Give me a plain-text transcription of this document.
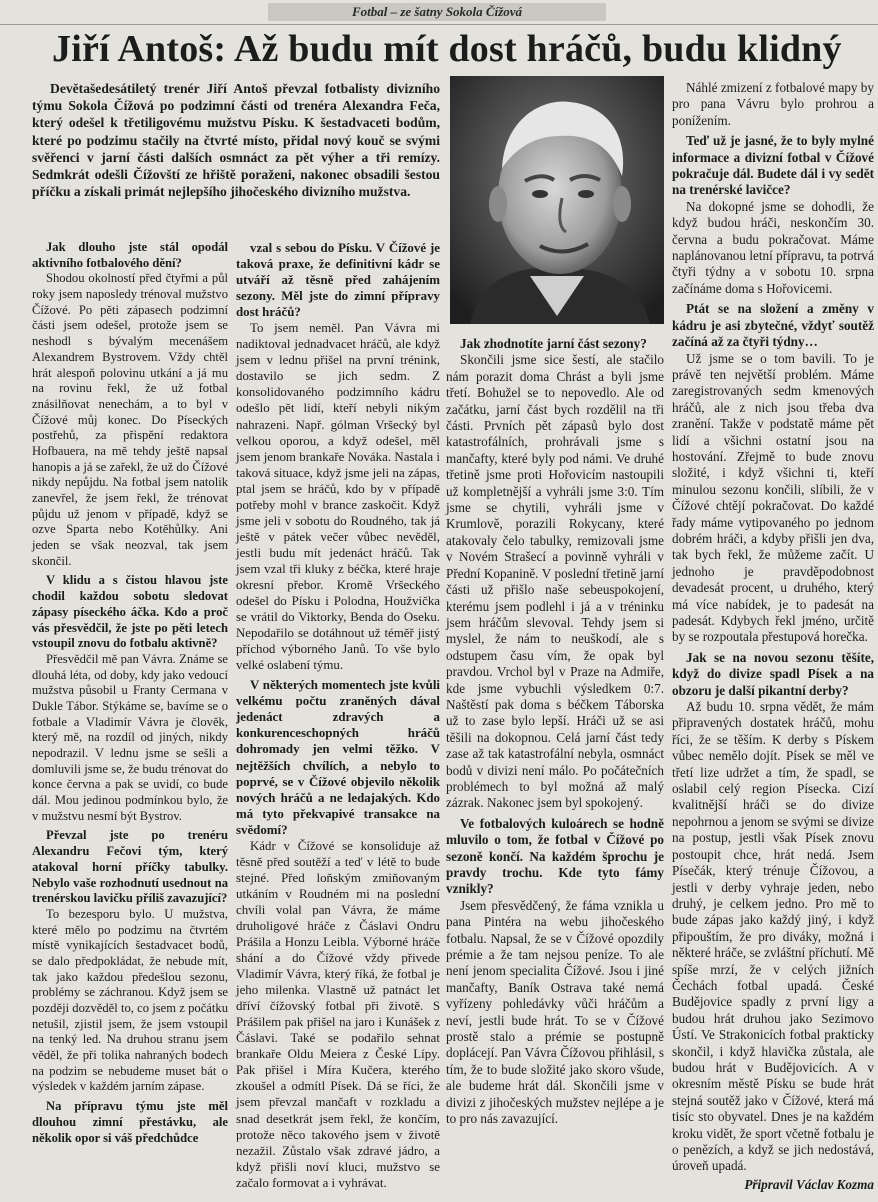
Fotbal – ze šatny Sokola Čížová
Jiří Antoš: Až budu mít dost hráčů, budu klidný

Devětašedesátiletý trenér Jiří Antoš převzal fotbalisty divizního týmu Sokola Čížová po podzimní části od trenéra Alexandra Feča, který odešel k třetiligovému mužstvu Písku. K šestadvaceti bodům, které po podzimu stačily na čtvrté místo, přidal nový kouč se svými svěřenci v jarní části dalších osmnáct za pět výher a tři remízy. Sedmkrát odešli Čížovští ze hřiště poraženi, nakonec obsadili šestou příčku a získali primát nejlepšího jihočeského divizního mužstva.

Jak dlouho jste stál opodál aktivního fotbalového dění?

Shodou okolností před čtyřmi a půl roky jsem naposledy trénoval mužstvo Čížové. Po pěti zápasech podzimní části jsem odešel, protože jsem se neshodl s bývalým mecenášem Alexandrem Bystrovem. Vždy chtěl hrát alespoň polovinu utkání a já mu na rovinu řekl, že už fotbal znásilňovat nenechám, a to byl v Čížové můj konec. Do Píseckých postřehů, za přispění redaktora Hofbauera, na mě tehdy ještě napsal hanopis a já se zařekl, že už do Čížové nikdy nepůjdu. Na fotbal jsem natolik zanevřel, že jsem řekl, že trénovat půjdu už jenom v případě, když se ozve Sparta nebo Kotěhůlky. Ani jeden se však neozval, tak jsem skončil.

V klidu a s čistou hlavou jste chodil každou sobotu sledovat zápasy píseckého áčka. Kdo a proč vás přesvědčil, že jste po pěti letech vstoupil znovu do fotbalu aktivně?

Přesvědčil mě pan Vávra. Známe se dlouhá léta, od doby, kdy jako vedoucí mužstva působil u Franty Cermana v Dukle Tábor. Stýkáme se, bavíme se o fotbale a Vladimír Vávra je člověk, který mě, na rozdíl od jiných, nikdy nepodrazil. V lednu jsme se sešli a domluvili jsme se, že budu trénovat do konce června a pak se uvidí, co bude dál. Mou jedinou podmínkou bylo, že v mužstvu nesmí být Bystrov.

Převzal jste po trenéru Alexandru Fečovi tým, který atakoval horní příčky tabulky. Nebylo vaše rozhodnutí usednout na trenérskou lavičku příliš zavazující?

To bezesporu bylo. U mužstva, které mělo po podzimu na čtvrtém místě vynikajících šestadvacet bodů, se dalo předpokládat, že nebude mít, tak jako každou předešlou sezonu, problémy se záchranou. Když jsem se později dozvěděl to, co jsem z počátku netušil, zjistil jsem, že jsem vstoupil na tenký led. Na druhou stranu jsem věděl, že při tolika nahraných bodech na podzim se nebudeme muset bát o výsledek v každém jarním zápase.

Na přípravu týmu jste měl dlouhou zimní přestávku, ale několik opor si váš předchůdce

vzal s sebou do Písku. V Čížové je taková praxe, že definitivní kádr se utváří až těsně před zahájením sezony. Měl jste do zimní přípravy dost hráčů?

To jsem neměl. Pan Vávra mi nadiktoval jednadvacet hráčů, ale když jsem v lednu přišel na první trénink, dostavilo se jich sedm. Z konsolidovaného podzimního kádru odešlo pět lidí, kteří nebyli nikým nahrazeni. Např. gólman Vršecký byl velkou oporou, a když odešel, měl jsem jenom brankaře Nováka. Nastala i taková situace, když jsme jeli na zápas, ptal jsem se hráčů, kdo by v případě potřeby mohl v brance zaskočit. Když jsme jeli v sobotu do Roudného, tak já ještě v pátek večer vůbec nevěděl, jestli budu mít jedenáct hráčů. Tak jsem vzal tři kluky z béčka, které hraje okresní přebor. Kromě Vršeckého odešel do Písku i Polodna, Houžvička se vrátil do Viktorky, Benda do Oseku. Nepodařilo se dotáhnout už téměř jistý příchod výborného Janů. To vše bylo velké oslabení týmu.

V některých momentech jste kvůli velkému počtu zraněných dával jedenáct zdravých a konkurenceschopných hráčů dohromady jen velmi těžko. V nejtěžších chvílích, a nebylo to poprvé, se v Čížové objevilo několik nových hráčů a ne ledajakých. Kdo má tyto překvapivé transakce na svědomí?

Kádr v Čížové se konsoliduje až těsně před soutěží a teď v létě to bude stejné. Před loňským zmiňovaným utkáním v Roudném mi na poslední chvíli volal pan Vávra, že máme druholigové hráče z Čáslavi Ondru Prášila a Honzu Leibla. Výborné hráče shání a do Čížové vždy přivede Vladimír Vávra, který říká, že fotbal je jeho milenka. Vlastně už patnáct let dříví čížovský fotbal při životě. S Prášilem pak přišel na jaro i Kunášek z Čáslavi. Také se podařilo sehnat brankaře Oldu Meiera z České Lípy. Pak přišel i Míra Kučera, kterého zkoušel a odmítl Písek. Dá se říci, že jsem převzal mančaft v rozkladu a snad desetkrát jsem řekl, že končím, protože něco takového jsem v životě nezažil. Zůstalo však zdravé jádro, a když přišli noví kluci, mužstvo se začalo formovat a i vyhrávat.

Jak zhodnotíte jarní část sezony?

Skončili jsme sice šestí, ale stačilo nám porazit doma Chrást a byli jsme třetí. Bohužel se to nepovedlo. Ale od začátku, jarní část bych rozdělil na tři části. Prvních pět zápasů bylo dost katastrofálních, prohrávali jsme s mančafty, které byly pod námi. Ve druhé třetině jsme proti Hořovicím nastoupili už kompletnější a vyhráli jsme 3:0. Tím jsme se chytili, vyhráli jsme v Krumlově, porazili Rokycany, které atakovaly čelo tabulky, remizovali jsme v Novém Strašecí a povinně vyhráli v Přední Kopanině. V poslední třetině jarní části už přišlo naše sebeuspokojení, kterému jsem podlehl i já a v tréninku jsem hráčům slevoval. Tehdy jsem si myslel, že nám to neuškodí, ale s odstupem času vím, že opak byl pravdou. Vrchol byl v Praze na Admiře, kde jsme vybuchli výsledkem 0:7. Naštěstí pak doma s béčkem Táborska už to zase bylo lepší. Hráči už se asi těšili na dokopnou. Celá jarní část tedy zase až tak katastrofální nebyla, osmnáct bodů v divizi není málo. Po počátečních problémech to byl možná až malý zázrak. Nakonec jsem byl spokojený.

Ve fotbalových kuloárech se hodně mluvilo o tom, že fotbal v Čížové po sezoně končí. Na každém šprochu je pravdy trochu. Kde tyto fámy vznikly?

Jsem přesvědčený, že fáma vznikla u pana Pintéra na webu jihočeského fotbalu. Napsal, že se v Čížové opozdily prémie a že tam nejsou peníze. To ale není jenom specialita Čížové. Jsou i jiné mančafty, Baník Ostrava také nemá vyřízeny pohledávky vůči hráčům a neví, jestli bude hrát. To se v Čížové prostě stalo a prémie se postupně doplácejí. Pan Vávra Čížovou přihlásil, s tím, že to bude složité jako skoro všude, ale budeme hrát dál. Skončili jsme v divizi z jihočeských mužstev nejlépe a je to pro nás zavazující.

Náhlé zmizení z fotbalové mapy by pro pana Vávru bylo prohrou a ponížením.

Teď už je jasné, že to byly mylné informace a divizní fotbal v Čížové pokračuje dál. Budete dál i vy sedět na trenérské lavičce?

Na dokopné jsme se dohodli, že když budou hráči, neskončím 30. června a budu pokračovat. Máme naplánovanou letní přípravu, ta potrvá čtyři týdny a v sobotu 10. srpna začínáme doma s Hořovicemi.

Ptát se na složení a změny v kádru je asi zbytečné, vždyť soutěž začíná až za čtyři týdny…

Už jsme se o tom bavili. To je právě ten největší problém. Máme zaregistrovaných sedm kmenových hráčů, ale z nich jsou třeba dva zranění. Takže v podstatě máme pět lidí a všichni ostatní jsou na hostování. Zřejmě to bude znovu složité, i když všichni ti, kteří minulou sezonu končili, slíbili, že v Čížové chtějí pokračovat. Do každé řady máme vytipovaného po jednom dobrém hráči, a kdyby přišli jen dva, tak bych řekl, že můžeme začít. U jednoho je pravděpodobnost devadesát procent, u druhého, který má více nabídek, je to padesát na padesát. Kdybych řekl jméno, určitě by se rozpoutala přestupová horečka.

Jak se na novou sezonu těšíte, když do divize spadl Písek a na obzoru je další pikantní derby?

Až budu 10. srpna vědět, že mám připravených dostatek hráčů, mohu říci, že se těším. K derby s Pískem vůbec nemělo dojít. Písek se měl ve třetí lize udržet a tím, že spadl, se oslabil celý region Písecka. Cizí kvalitnější hráči se do divize nepohrnou a jenom se svými se divize na postup, jestli však Písek znovu postoupit chce, hrát nedá. Jsem Písečák, který trénuje Čížovou, a jestli v derby vyhraje jeden, nebo druhý, je celkem jedno. Pro mě to bude zápas jako každý jiný, i když připouštím, že pro diváky, možná i některé hráče, se zvláštní příchutí. Mě spíše mrzí, že v celých jižních Čechách fotbal upadá. České Budějovice spadly z první ligy a budou hrát druhou jako Sezimovo Ústí. Ve Strakonicích fotbal prakticky skončil, i když hlavička zůstala, ale budou hrát v Budějovicích. A v okresním městě Písku se bude hrát stejná soutěž jako v Čížové, která má tisíc sto obyvatel. Dnes je na každém kroku vidět, že sport včetně fotbalu je o penězích, a když se jich nedostává, úroveň upadá.

Připravil Václav Kozma
